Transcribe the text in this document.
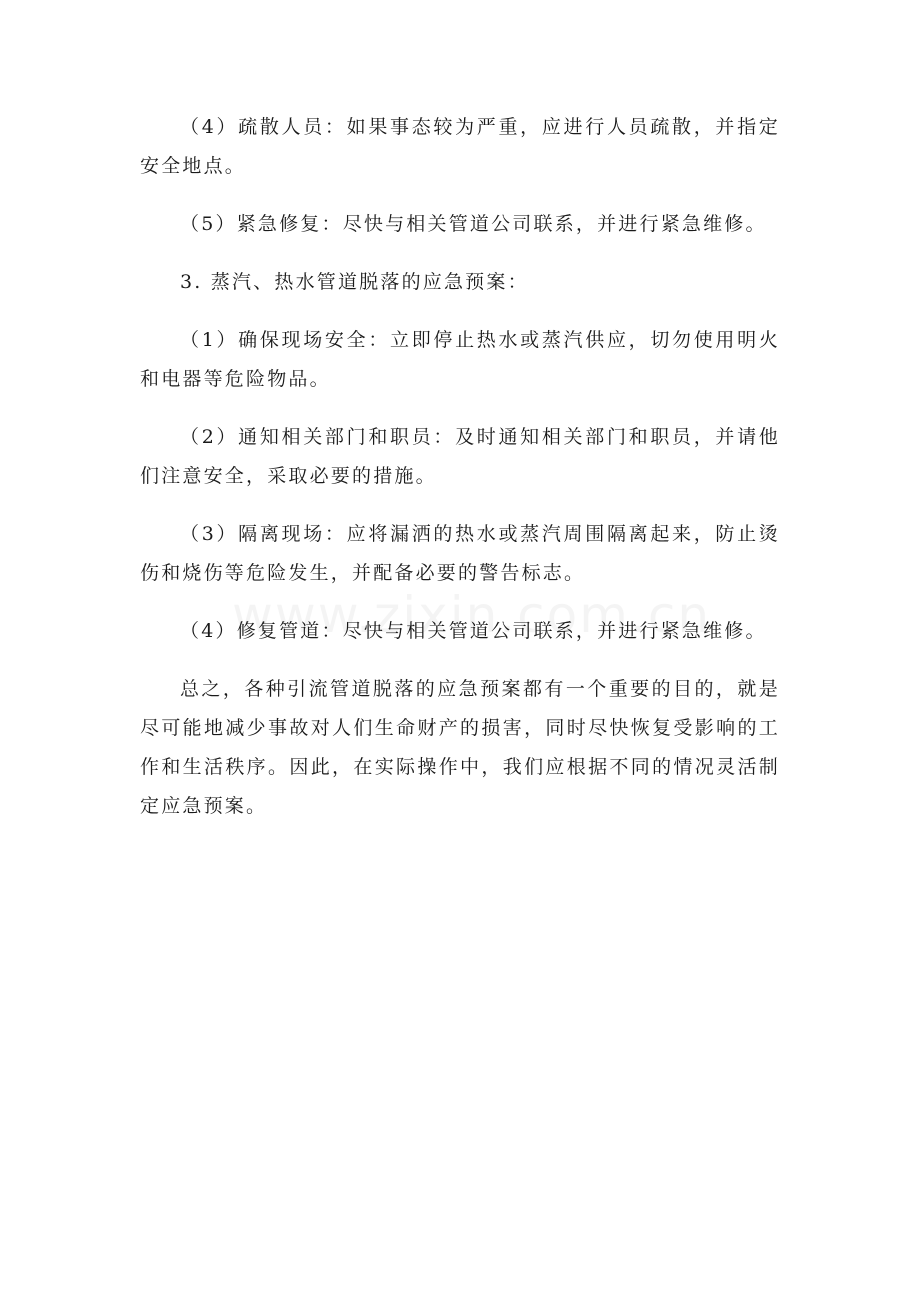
（4）疏散人员：如果事态较为严重，应进行人员疏散，并指定安全地点。

（5）紧急修复：尽快与相关管道公司联系，并进行紧急维修。

3. 蒸汽、热水管道脱落的应急预案：

（1）确保现场安全：立即停止热水或蒸汽供应，切勿使用明火和电器等危险物品。

（2）通知相关部门和职员：及时通知相关部门和职员，并请他们注意安全，采取必要的措施。

（3）隔离现场：应将漏洒的热水或蒸汽周围隔离起来，防止烫伤和烧伤等危险发生，并配备必要的警告标志。

（4）修复管道：尽快与相关管道公司联系，并进行紧急维修。

总之，各种引流管道脱落的应急预案都有一个重要的目的，就是尽可能地减少事故对人们生命财产的损害，同时尽快恢复受影响的工作和生活秩序。因此，在实际操作中，我们应根据不同的情况灵活制定应急预案。
